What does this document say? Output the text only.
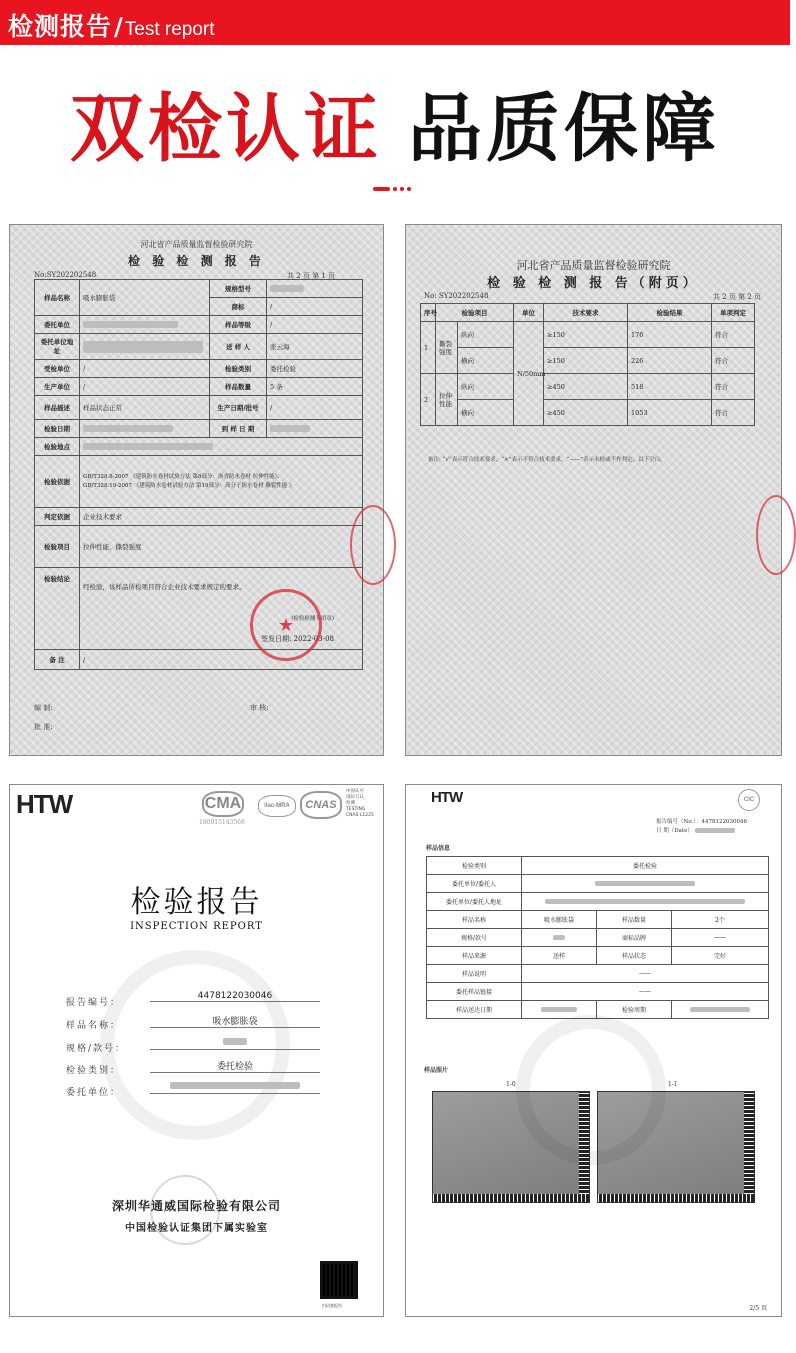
检测报告 / Test report
双检认证 品质保障
河北省产品质量监督检验研究院
检 验 检 测 报 告
No:SY202202548	共 2 页 第 1 页
样品名称	吸水膨胀袋	规格型号	
		商标	/
委托单位		样品等级	/
委托单位地址		送 样 人	张云海
受检单位	/	检验类别	委托检验
生产单位	/	样品数量	5 条
样品描述	样品状态正常	生产日期/批号	/
检验日期		到 样 日 期	
检验地点			
检验依据	GB/T328.8-2007 《建筑防水卷材试验方法 第8部分：沥青防水卷材 拉伸性能》、
GB/T328.19-2007 《建筑防水卷材试验方法 第19部分：高分子防水卷材 撕裂性能 》		

判定依据	企业技术要求		
检验项目	拉伸性能、撕裂强度		
检验结论	经检验，该样品所检项目符合企业技术要求规定的要求。
(检验检测专用章)
签发日期: 2022-03-08		

备 注	/		
★
编 制:	审 核:
批 准:
河北省产品质量监督检验研究院
检 验 检 测 报 告（附页）
No: SY202202548	共 2 页 第 2 页
序号	检验项目		单位	技术要求	检验结果	单项判定
1	撕裂强度	纵向	N/50mm	≥150	176	符合
		横向		≥150	226	符合
2	拉伸性能	纵向		≥450	518	符合
		横向		≥450	1053	符合
备注: “√”表示符合技术要求，“×”表示不符合技术要求，“——”表示未检或不作判定。以下空白。
HTW	CMA
180015143568
ilac-MRA	CNAS
中国认可
国际互认
检测
TESTING
CNAS L1225
检验报告
INSPECTION REPORT
报告编号：
4478122030046
样品名称：	吸水膨胀袋
规格/款号：
检验类别：	委托检验
委托单位：
深圳华通威国际检验有限公司
中国检验认证集团下属实验室
扫码查报告
HTW	CIC
报告编号（No.）：4478122030046
日 期（Date）
样品信息
检验类别	委托检验		
委托单位/委托人			
委托单位/委托人地址			
样品名称	吸水膨胀袋	样品数量	2个
规格/款号		商标品牌	——
样品来源	送样	样品状态	完好
样品说明	——		
委托样品链接	——		
样品送达日期		检验周期	
样品照片
1-0	1-1
2/5 页
